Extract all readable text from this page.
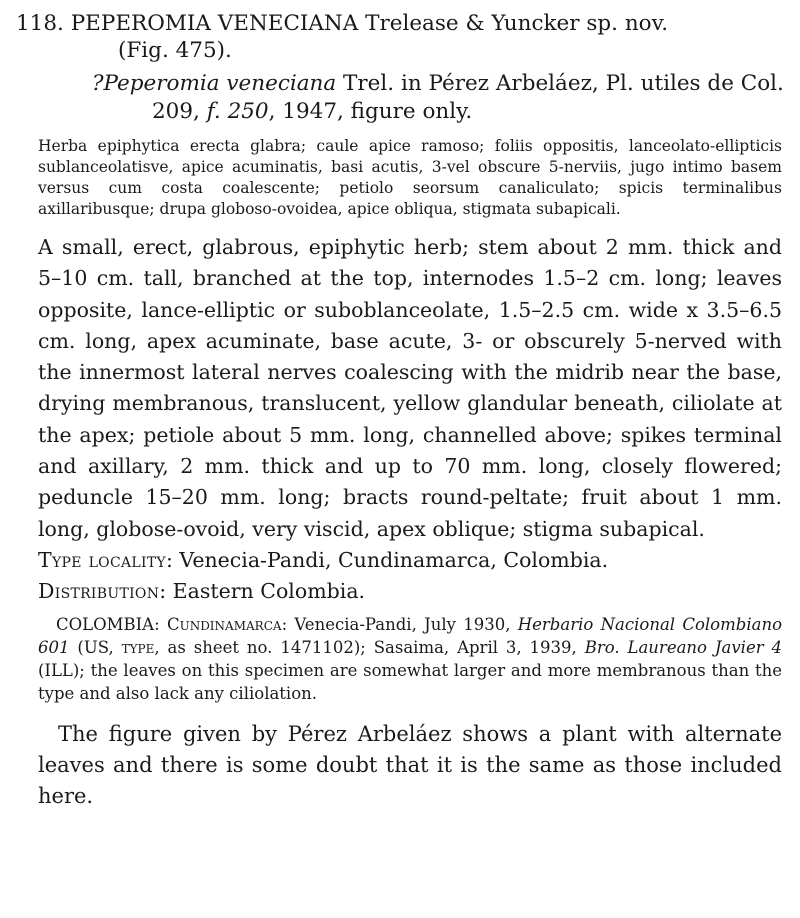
118. PEPEROMIA VENECIANA Trelease & Yuncker sp. nov.
(Fig. 475).

?Peperomia veneciana Trel. in Pérez Arbeláez, Pl. utiles de Col. 209, f. 250, 1947, figure only.

Herba epiphytica erecta glabra; caule apice ramoso; foliis oppositis, lanceolato-ellipticis sublanceolatisve, apice acuminatis, basi acutis, 3-vel obscure 5-nerviis, jugo intimo basem versus cum costa coalescente; petiolo seorsum canaliculato; spicis terminalibus axillaribusque; drupa globoso-ovoidea, apice obliqua, stigmata subapicali.

A small, erect, glabrous, epiphytic herb; stem about 2 mm. thick and 5–10 cm. tall, branched at the top, internodes 1.5–2 cm. long; leaves opposite, lance-elliptic or suboblanceolate, 1.5–2.5 cm. wide x 3.5–6.5 cm. long, apex acuminate, base acute, 3- or obscurely 5-nerved with the innermost lateral nerves coalescing with the midrib near the base, drying membranous, translucent, yellow glandular beneath, ciliolate at the apex; petiole about 5 mm. long, channelled above; spikes terminal and axillary, 2 mm. thick and up to 70 mm. long, closely flowered; peduncle 15–20 mm. long; bracts round-peltate; fruit about 1 mm. long, globose-ovoid, very viscid, apex oblique; stigma subapical.

Type locality: Venecia-Pandi, Cundinamarca, Colombia.

Distribution: Eastern Colombia.

COLOMBIA: Cundinamarca: Venecia-Pandi, July 1930, Herbario Nacional Colombiano 601 (US, type, as sheet no. 1471102); Sasaima, April 3, 1939, Bro. Laureano Javier 4 (ILL); the leaves on this specimen are somewhat larger and more membranous than the type and also lack any ciliolation.

The figure given by Pérez Arbeláez shows a plant with alternate leaves and there is some doubt that it is the same as those included here.
